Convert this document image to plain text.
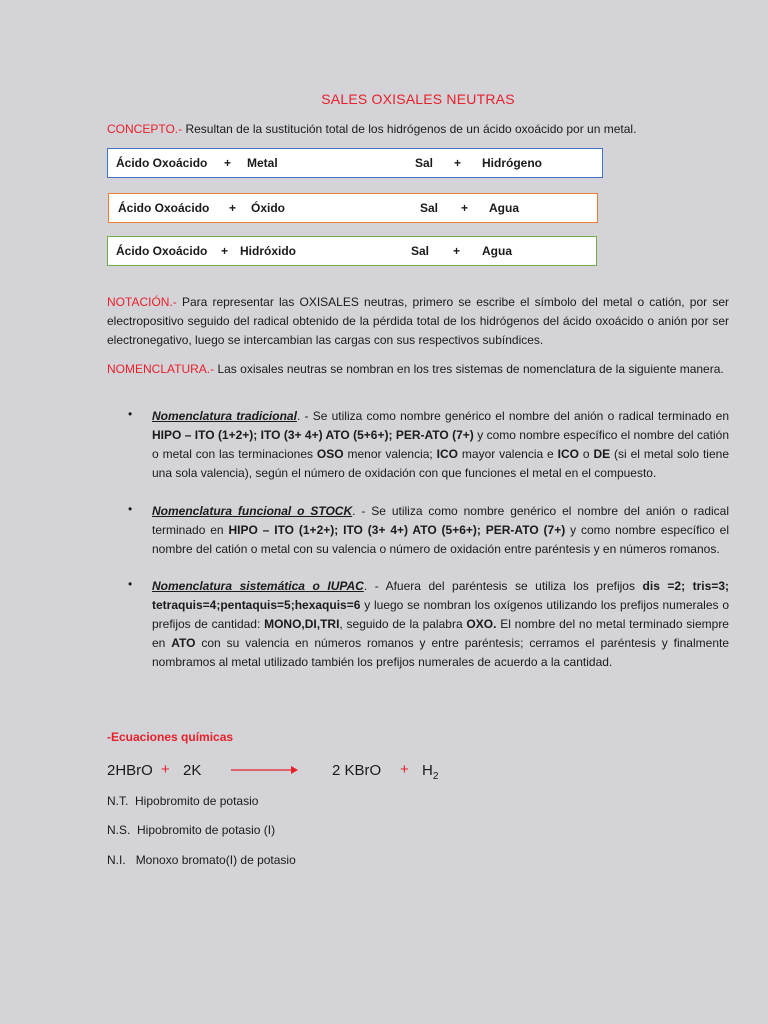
SALES OXISALES NEUTRAS
CONCEPTO.- Resultan de la sustitución total de los hidrógenos de un ácido oxoácido por un metal.
Ácido Oxoácido + Metal	Sal + Hidrógeno
Ácido Oxoácido + Óxido	Sal + Agua
Ácido Oxoácido + Hidróxido	Sal + Agua
NOTACIÓN.- Para representar las OXISALES neutras, primero se escribe el símbolo del metal o catión, por ser electropositivo seguido del radical obtenido de la pérdida total de los hidrógenos del ácido oxoácido o anión por ser electronegativo, luego se intercambian las cargas con sus respectivos subíndices.
NOMENCLATURA.- Las oxisales neutras se nombran en los tres sistemas de nomenclatura de la siguiente manera.
• Nomenclatura tradicional. - Se utiliza como nombre genérico el nombre del anión o radical terminado en HIPO – ITO (1+2+); ITO (3+ 4+) ATO (5+6+); PER-ATO (7+) y como nombre específico el nombre del catión o metal con las terminaciones OSO menor valencia; ICO mayor valencia e ICO o DE (si el metal solo tiene una sola valencia), según el número de oxidación con que funciones el metal en el compuesto.
• Nomenclatura funcional o STOCK. - Se utiliza como nombre genérico el nombre del anión o radical terminado en HIPO – ITO (1+2+); ITO (3+ 4+) ATO (5+6+); PER-ATO (7+) y como nombre específico el nombre del catión o metal con su valencia o número de oxidación entre paréntesis y en números romanos.
• Nomenclatura sistemática o IUPAC. - Afuera del paréntesis se utiliza los prefijos dis =2; tris=3; tetraquis=4;pentaquis=5;hexaquis=6 y luego se nombran los oxígenos utilizando los prefijos numerales o prefijos de cantidad: MONO,DI,TRI, seguido de la palabra OXO. El nombre del no metal terminado siempre en ATO con su valencia en números romanos y entre paréntesis; cerramos el paréntesis y finalmente nombramos al metal utilizado también los prefijos numerales de acuerdo a la cantidad.
-Ecuaciones químicas
2HBrO + 2K	2 KBrO + $H_2$
N.T. Hipobromito de potasio
N.S. Hipobromito de potasio (I)
N.I. Monoxo bromato(I) de potasio
